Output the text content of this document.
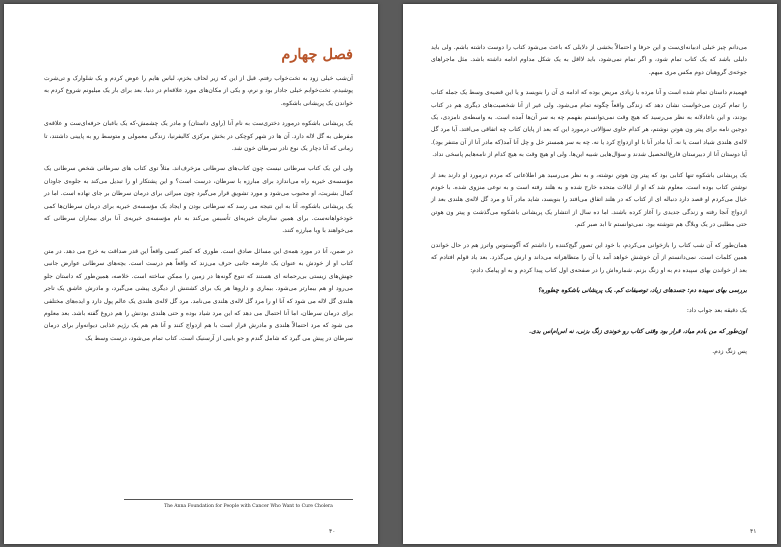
فصل چهارم

آن‌شب خیلی زود به تخت‌خواب رفتم. قبل از این که زیر لحاف بخزم، لباس هایم را عوض کردم و یک شلوارک و تی‌شرت پوشیدم. تخت‌خوابم خیلی جادار بود و نرم، و یکی از مکان‌های مورد علاقه‌ام در دنیا. بعد برای بار یک میلیونم شروع کردم به خواندن یک پریشانی باشکوه.

یک پریشانی باشکوه درمورد دختری‌ست به نام آنا (راوی داستان) و مادر یک چشمش-که یک باغبان حرفه‌ای‌ست و علاقه‌ی مفرطی به گل لاله دارد. آن ها در شهر کوچکی در بخش مرکزی کالیفرنیا، زندگی معمولی و متوسط رو به پایینی داشتند، تا زمانی که آنا دچار یک نوع نادر سرطان خون شد.

ولی این یک کتاب سرطانی نیست چون کتاب‌های سرطانی مزخرف‌اند. مثلاً توی کتاب های سرطانی شخص سرطانی یک مؤسسه‌ی خیریه راه می‌اندازد برای مبارزه با سرطان، درست است؟ و این پشتکار او را تبدیل می‌کند به جلوه‌ی جاودان کمال بشریت، او محبوب می‌شود و مورد تشویق قرار می‌گیرد چون میراثی برای درمان سرطان بر جای نهاده است. اما در یک پریشانی باشکوه، آنا به این نتیجه می رسد که سرطانی بودن و ایجاد یک مؤسسه‌ی خیریه برای درمان سرطان‌ها کمی خودخواهانه‌ست. برای همین سازمان خیریه‌ای تأسیس می‌کند به نام مؤسسه‌ی خیریه‌ی آنا برای بیماران سرطانی که می‌خواهند با وبا مبارزه کنند.

در ضمن، آنا در مورد همه‌ی این مسائل صادق است. طوری که کمتر کسی واقعاً این قدر صداقت به خرج می دهد. در متن کتاب او از خودش به عنوان یک عارضه جانبی حرف می‌زند که واقعاً هم درست است. بچه‌های سرطانی عوارض جانبی جهش‌های زیستی بی‌رحمانه ای هستند که تنوع گونه‌ها در زمین را ممکن ساخته است. خلاصه، همین‌طور که داستان جلو می‌رود او هم بیمارتر می‌شود. بیماری و داروها هر یک برای کشتنش از دیگری پیشی می‌گیرد، و مادرش عاشق یک تاجر هلندی گل لاله می شود که آنا او را مرد گل لاله‌ی هلندی می‌نامد. مرد گل لاله‌ی هلندی یک عالم پول دارد و ایده‌های مختلفی برای درمان سرطان، اما آنا احتمال می دهد که این مرد شیاد بوده و حتی هلندی بودنش را هم دروغ گفته باشد. بعد معلوم می شود که مرد احتمالاً هلندی و مادرش قرار است با هم ازدواج کنند و آنا هم هم یک رژیم غذایی دیوانه‌وار برای درمان سرطان در پیش می گیرد که شامل گندم و جو یا‌بیی از آرسنیک است. کتاب تمام می‌شود، درست وسط یک

The Anna Foundation for People with Cancer Who Want to Cure Cholera
۴۰

می‌دانم چیز خیلی ادبیانه‌ای‌ست و این حرفا و احتمالاً بخشی از دلایلی که باعث می‌شود کتاب را دوست داشته باشم. ولی باید دلیلی باشد که یک کتاب تمام شود، و اگر تمام نمی‌شود، باید لااقل به یک شکل مداوم ادامه داشته باشد. مثل ماجراهای جوخه‌ی گروهبان دوم مکس مری میهم.

فهمیدم داستان تمام شده است و آنا مرده یا زیادی مریض بوده که ادامه ی آن را بنویسد و یا این قضیه‌ی وسط یک جمله کتاب را تمام کردن می‌خواست نشان دهد که زندگی واقعاً چگونه تمام می‌شود. ولی غیر از آنا شخصیت‌های دیگری هم در کتاب بودند، و این ناعادلانه به نظر می‌رسید که هیچ وقت نمی‌توانستم بفهمم چه به سر آن‌ها آمده است. به واسطه‌ی نامزدی، یک دوجین نامه برای پیتر ون هوتن نوشتم، هر کدام حاوی سؤالاتی درمورد این که بعد از پایان کتاب چه اتفاقی می‌افتد. آیا مرد گل لاله‌ی هلندی شیاد است یا نه. آیا مادر آنا با او ازدواج کرد یا نه. چه به سر همستر خل و چل آنا آمد(که مادر آنا از آن متنفر بود). آیا دوستان آنا از دبیرستان فارغ‌التحصیل شدند و سؤال‌هایی شبیه این‌ها. ولی او هیچ وقت به هیچ کدام از نامه‌هایم پاسخی نداد.

یک پریشانی باشکوه تنها کتابی بود که پیتر ون هوتن نوشته، و به نظر می‌رسید هر اطلاعاتی که مردم درمورد او دارند بعد از نوشتن کتاب بوده است. معلوم شد که او از ایالات متحده خارج شده و به هلند رفته است و به نوعی منزوی شده. با خودم خیال می‌کردم او قصد دارد دنباله ای از کتاب که در هلند اتفاق می‌افتد را بنویسد، شاید مادر آنا و مرد گل لاله‌ی هلندی بعد از ازدواج آنجا رفته و زندگی جدیدی را آغاز کرده باشند. اما ده سال از انتشار یک پریشانی باشکوه می‌گذشت و پیتر ون هوتن حتی مطلبی در یک وبلاگ هم نتوشته بود. نمی‌توانستم تا ابد صبر کنم.

همان‌طور که آن شب کتاب را بازخوانی می‌کردم، با خود این تصور گیج‌کننده را داشتم که آگوستوس واترز هم در حال خواندن همین کلمات است. نمی‌دانستم از آن خوشش خواهد آمد یا آن را متظاهرانه می‌داند و ارش می‌گذرد. بعد یاد قولم افتادم که بعد از خواندن بهای سپیده دم به او زنگ بزنم. شماره‌اش را در صفحه‌ی اول کتاب پیدا کردم و به او پیامک دادم:

بررسی بهای سپیده دم: جسدهای زیاد، توصیفات کم. یک پریشانی باشکوه چطوره؟

یک دقیقه بعد جواب داد:

اون‌طور که من یادم میاد، قرار بود وقتی کتاب رو خوندی زنگ بزنی، نه اس‌ام‌اس بدی.

پس زنگ زدم.

۴۱
